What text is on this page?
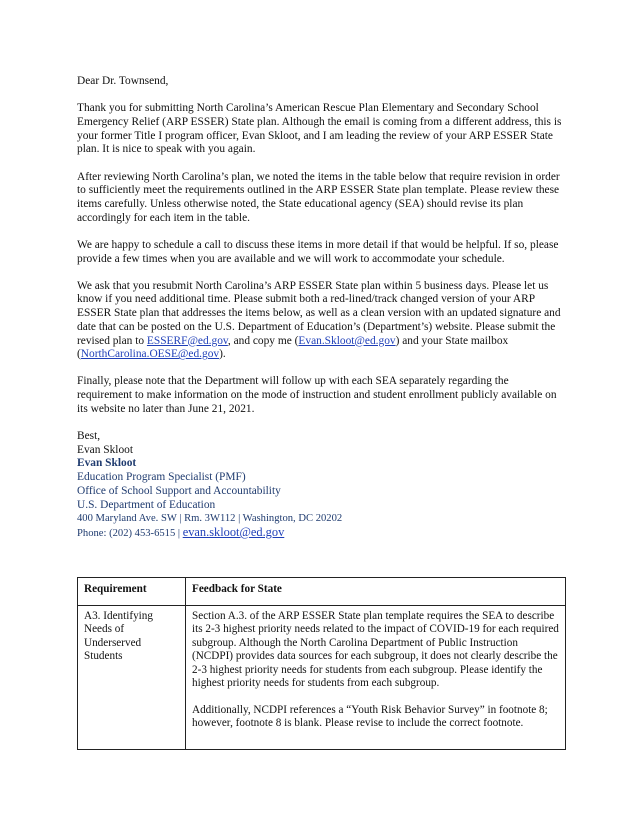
Dear Dr. Townsend,

Thank you for submitting North Carolina’s American Rescue Plan Elementary and Secondary School Emergency Relief (ARP ESSER) State plan. Although the email is coming from a different address, this is your former Title I program officer, Evan Skloot, and I am leading the review of your ARP ESSER State plan. It is nice to speak with you again.

After reviewing North Carolina’s plan, we noted the items in the table below that require revision in order to sufficiently meet the requirements outlined in the ARP ESSER State plan template. Please review these items carefully. Unless otherwise noted, the State educational agency (SEA) should revise its plan accordingly for each item in the table.

We are happy to schedule a call to discuss these items in more detail if that would be helpful. If so, please provide a few times when you are available and we will work to accommodate your schedule.

We ask that you resubmit North Carolina’s ARP ESSER State plan within 5 business days. Please let us know if you need additional time. Please submit both a red-lined/track changed version of your ARP ESSER State plan that addresses the items below, as well as a clean version with an updated signature and date that can be posted on the U.S. Department of Education’s (Department’s) website. Please submit the revised plan to ESSERF@ed.gov, and copy me (Evan.Skloot@ed.gov) and your State mailbox (NorthCarolina.OESE@ed.gov).

Finally, please note that the Department will follow up with each SEA separately regarding the requirement to make information on the mode of instruction and student enrollment publicly available on its website no later than June 21, 2021.

Best,
Evan Skloot
Evan Skloot
Education Program Specialist (PMF)
Office of School Support and Accountability
U.S. Department of Education
400 Maryland Ave. SW | Rm. 3W112 | Washington, DC 20202
Phone: (202) 453-6515 | evan.skloot@ed.gov
Requirement	Feedback for State
A3. Identifying Needs of Underserved Students	Section A.3. of the ARP ESSER State plan template requires the SEA to describe its 2-3 highest priority needs related to the impact of COVID-19 for each required subgroup. Although the North Carolina Department of Public Instruction (NCDPI) provides data sources for each subgroup, it does not clearly describe the 2-3 highest priority needs for students from each subgroup. Please identify the highest priority needs for students from each subgroup.

Additionally, NCDPI references a “Youth Risk Behavior Survey” in footnote 8; however, footnote 8 is blank. Please revise to include the correct footnote.
